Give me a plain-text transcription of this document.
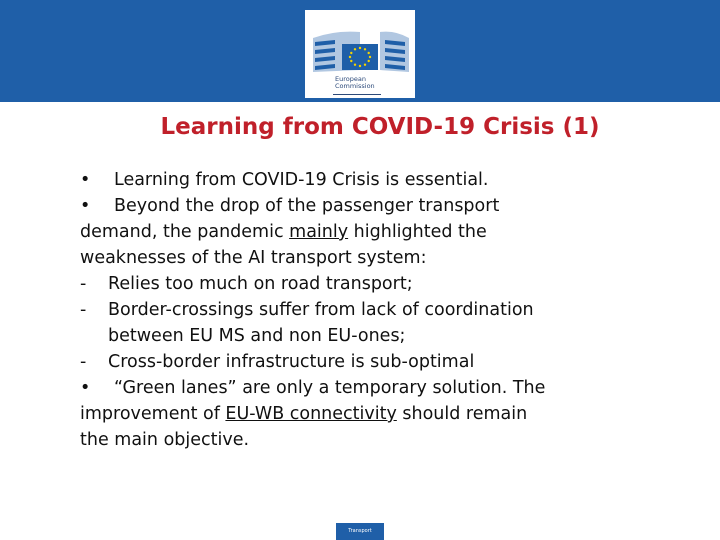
European
Commission
Learning from COVID-19 Crisis (1)
• Learning from COVID-19 Crisis is essential.
• Beyond the drop of the passenger transport
demand, the pandemic mainly highlighted the
weaknesses of the AI transport system:
- Relies too much on road transport;
- Border-crossings suffer from lack of coordination
between EU MS and non EU-ones;
- Cross-border infrastructure is sub-optimal
• “Green lanes” are only a temporary solution. The
improvement of EU-WB connectivity should remain
the main objective.
Transport
